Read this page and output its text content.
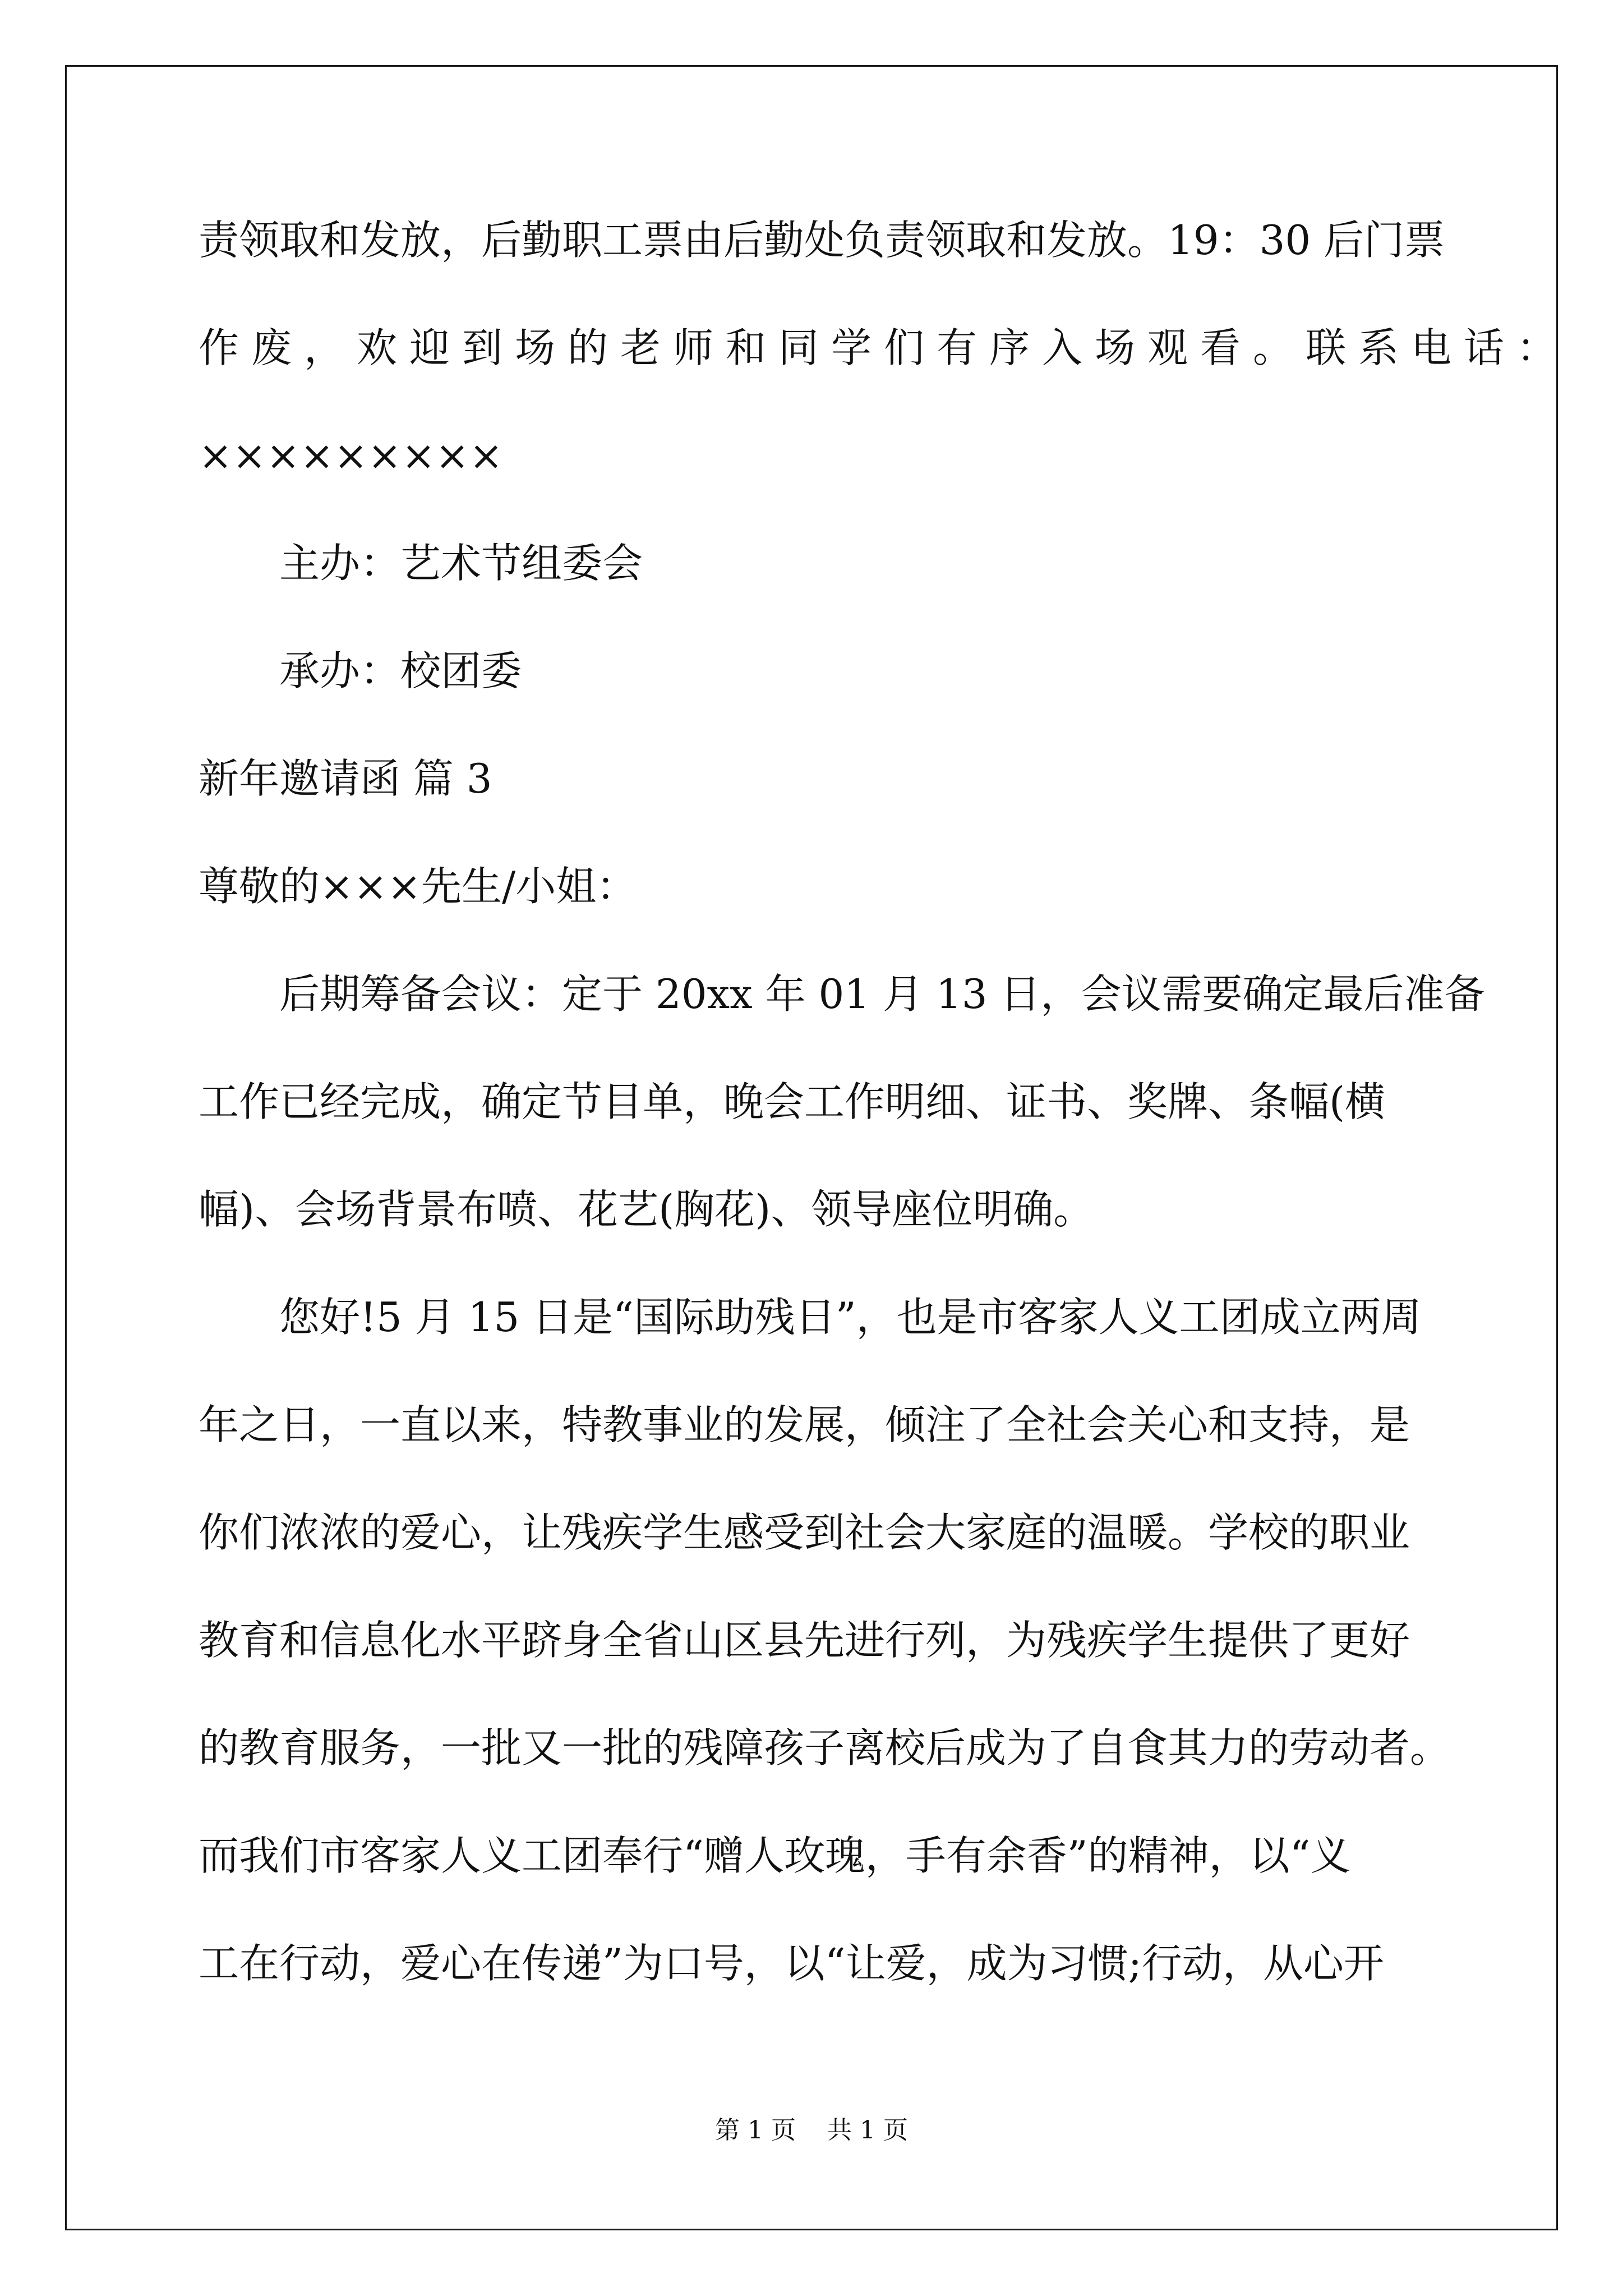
责领取和发放，后勤职工票由后勤处负责领取和发放。19：30 后门票
作废，欢迎到场的老师和同学们有序入场观看。联系电话：
×××××××××
主办：艺术节组委会
承办：校团委
新年邀请函 篇 3
尊敬的×××先生/小姐：
后期筹备会议：定于 20xx 年 01 月 13 日，会议需要确定最后准备
工作已经完成，确定节目单，晚会工作明细、证书、奖牌、条幅(横
幅)、会场背景布喷、花艺(胸花)、领导座位明确。
您好!5 月 15 日是“国际助残日”，也是市客家人义工团成立两周
年之日，一直以来，特教事业的发展，倾注了全社会关心和支持，是
你们浓浓的爱心，让残疾学生感受到社会大家庭的温暖。学校的职业
教育和信息化水平跻身全省山区县先进行列，为残疾学生提供了更好
的教育服务，一批又一批的残障孩子离校后成为了自食其力的劳动者。
而我们市客家人义工团奉行“赠人玫瑰，手有余香”的精神，以“义
工在行动，爱心在传递”为口号，以“让爱，成为习惯;行动，从心开
第 1 页 共 1 页
